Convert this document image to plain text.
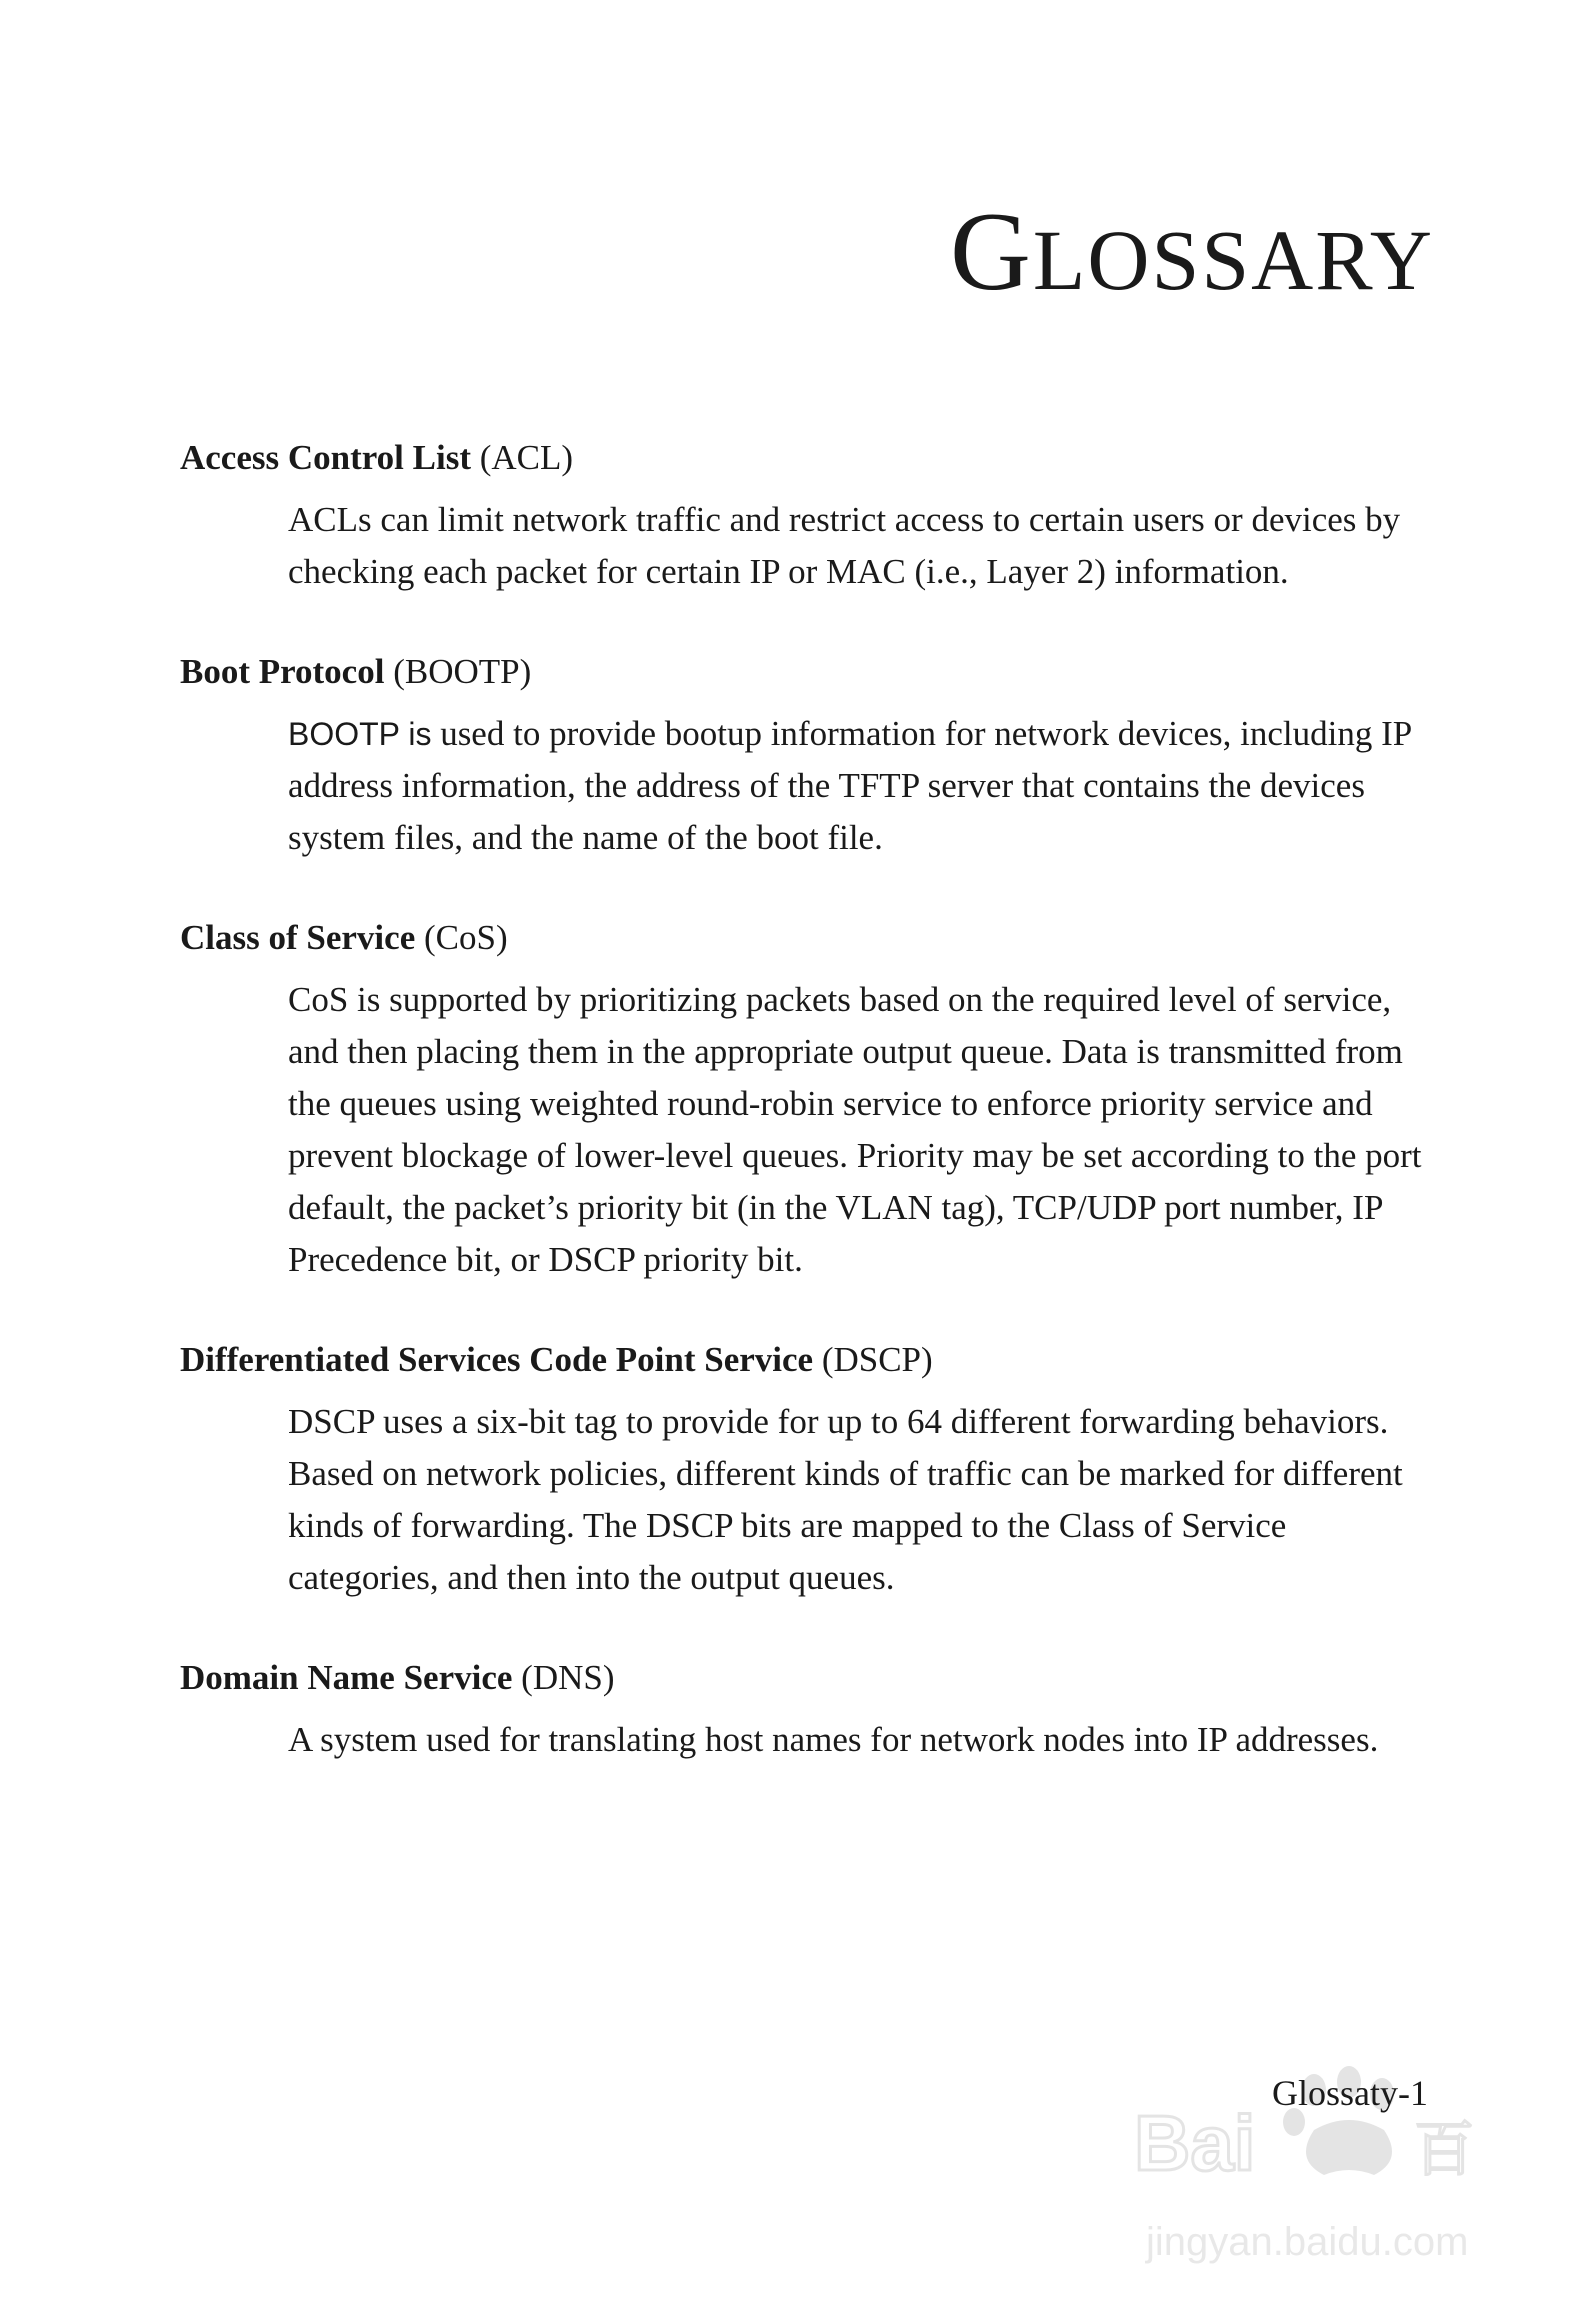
GLOSSARY

Access Control List (ACL)

ACLs can limit network traffic and restrict access to certain users or devices by checking each packet for certain IP or MAC (i.e., Layer 2) information.

Boot Protocol (BOOTP)

BOOTP is used to provide bootup information for network devices, including IP address information, the address of the TFTP server that contains the devices system files, and the name of the boot file.

Class of Service (CoS)

CoS is supported by prioritizing packets based on the required level of service, and then placing them in the appropriate output queue. Data is transmitted from the queues using weighted round-robin service to enforce priority service and prevent blockage of lower-level queues. Priority may be set according to the port default, the packet’s priority bit (in the VLAN tag), TCP/UDP port number, IP Precedence bit, or DSCP priority bit.

Differentiated Services Code Point Service (DSCP)

DSCP uses a six-bit tag to provide for up to 64 different forwarding behaviors. Based on network policies, different kinds of traffic can be marked for different kinds of forwarding. The DSCP bits are mapped to the Class of Service categories, and then into the output queues.

Domain Name Service (DNS)

A system used for translating host names for network nodes into IP addresses.

Bai	百
jingyan.baidu.com
Glossaty-1
